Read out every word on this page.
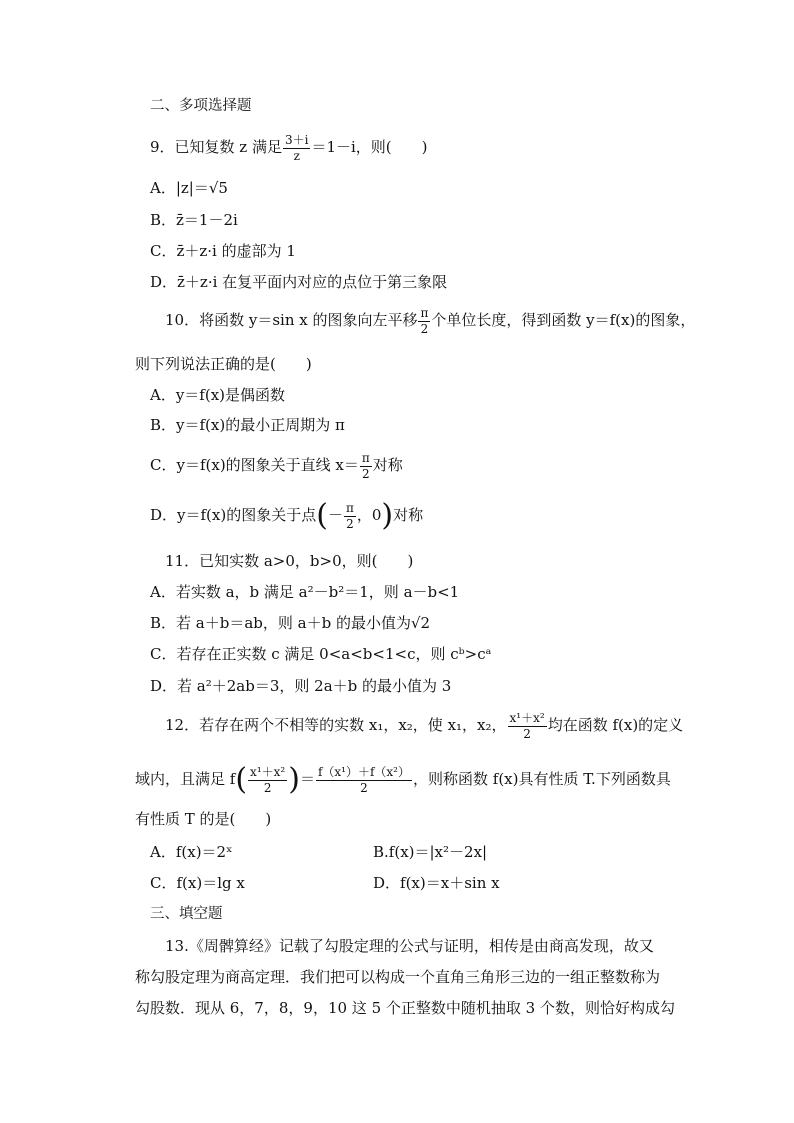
二、多项选择题
9．已知复数 z 满足 $\frac{3+i}{z} =1-i$，则(　　)
A．|z|＝√5
B．z̄＝1－2i
C．z̄＋z·i 的虚部为 1
D．z̄＋z·i 在复平面内对应的点位于第三象限
10．将函数 y＝sin x 的图象向左平移 $\frac{\pi}{2}$ 个单位长度，得到函数 y＝f(x)的图象，
则下列说法正确的是(　　)
A．y＝f(x)是偶函数
B．y＝f(x)的最小正周期为 π
C．y＝f(x)的图象关于直线 $x= \frac{\pi}{2}$ 对称
D．y＝f(x)的图象关于点(－ $\frac{\pi}{2}$ ，0)对称
11．已知实数 a>0，b>0，则(　　)
A．若实数 a，b 满足 a²－b²＝1，则 a－b<1
B．若 a＋b＝ab，则 a＋b 的最小值为√2
C．若存在正实数 c 满足 0<a<b<1<c，则 cᵇ>cᵃ
D．若 a²＋2ab＝3，则 2a＋b 的最小值为 3
12．若存在两个不相等的实数 x₁，x₂，使 x₁，x₂， $\frac{\text{x¹＋x²}}{2}$ 均在函数 f(x)的定义
域内，且满足 $f( \frac{\text{x¹＋x²}}{2}$ )＝ $\frac{\text{f（x¹）＋f（x²）}}{2}$ ，则称函数 f(x)具有性质 T.下列函数具
有性质 T 的是(　　)
A．f(x)＝2ˣ	B.f(x)＝|x²－2x|
C．f(x)＝lg x	D．f(x)＝x＋sin x
三、填空题
13.《周髀算经》记载了勾股定理的公式与证明，相传是由商高发现，故又
称勾股定理为商高定理．我们把可以构成一个直角三角形三边的一组正整数称为
勾股数．现从 6，7，8，9，10 这 5 个正整数中随机抽取 3 个数，则恰好构成勾
